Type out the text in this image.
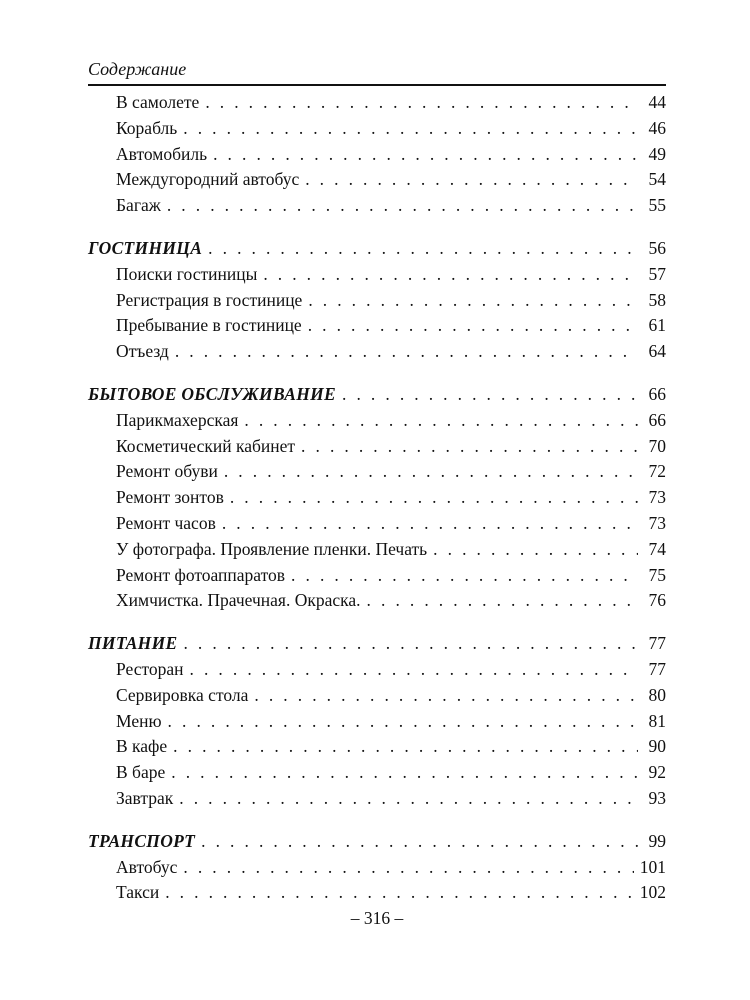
Содержание
В самолете . . .	44
Корабль . . .	46
Автомобиль . . .	49
Междугородний автобус . . .	54
Багаж . . .	55
ГОСТИНИЦА . . .	56
Поиски гостиницы . . .	57
Регистрация в гостинице . . .	58
Пребывание в гостинице . . .	61
Отъезд . . .	64
БЫТОВОЕ ОБСЛУЖИВАНИЕ . . .	66
Парикмахерская . . .	66
Косметический кабинет . . .	70
Ремонт обуви . . .	72
Ремонт зонтов . . .	73
Ремонт часов . . .	73
У фотографа. Проявление пленки. Печать . . .	74
Ремонт фотоаппаратов . . .	75
Химчистка. Прачечная. Окраска. . . .	76
ПИТАНИЕ . . .	77
Ресторан . . .	77
Сервировка стола . . .	80
Меню . . .	81
В кафе . . .	90
В баре . . .	92
Завтрак . . .	93
ТРАНСПОРТ . . .	99
Автобус . . .	101
Такси . . .	102
– 316 –
